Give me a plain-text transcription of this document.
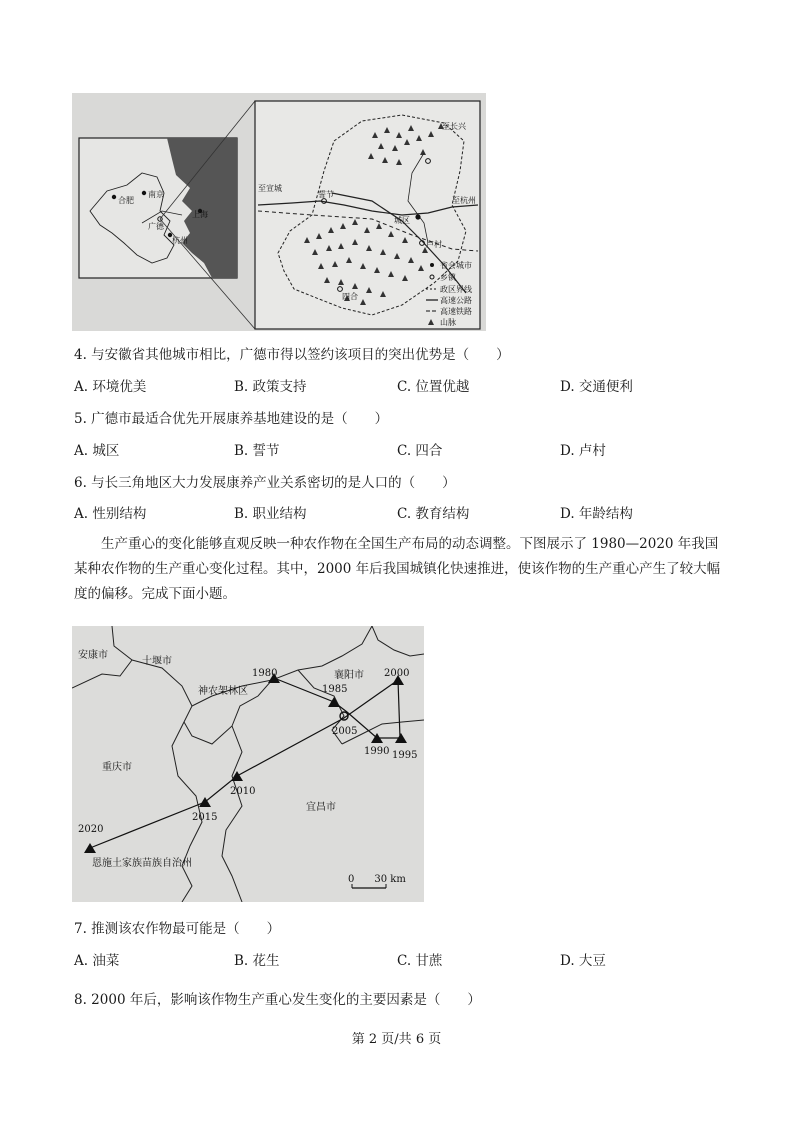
合肥
南京
上海
广德
杭州
至长兴
至宣城
誓节
至杭州
城区
卢村
四合
省会城市
乡镇
政区界线
高速公路
高速铁路
山脉
4. 与安徽省其他城市相比，广德市得以签约该项目的突出优势是（　　）
A. 环境优美	B. 政策支持	C. 位置优越	D. 交通便利
5. 广德市最适合优先开展康养基地建设的是（　　）
A. 城区	B. 誓节	C. 四合	D. 卢村
6. 与长三角地区大力发展康养产业关系密切的是人口的（　　）
A. 性别结构	B. 职业结构	C. 教育结构	D. 年龄结构
生产重心的变化能够直观反映一种农作物在全国生产布局的动态调整。下图展示了 1980—2020 年我国某种农作物的生产重心变化过程。其中，2000 年后我国城镇化快速推进，使该作物的生产重心产生了较大幅度的偏移。完成下面小题。
安康市
十堰市
神农架林区
襄阳市
重庆市
宜昌市
恩施土家族苗族自治州
1980
1985
2000
2005
1990 1995
2010
2015
2020
0　　30 km
7. 推测该农作物最可能是（　　）
A. 油菜	B. 花生	C. 甘蔗	D. 大豆
8. 2000 年后，影响该作物生产重心发生变化的主要因素是（　　）
第 2 页/共 6 页
